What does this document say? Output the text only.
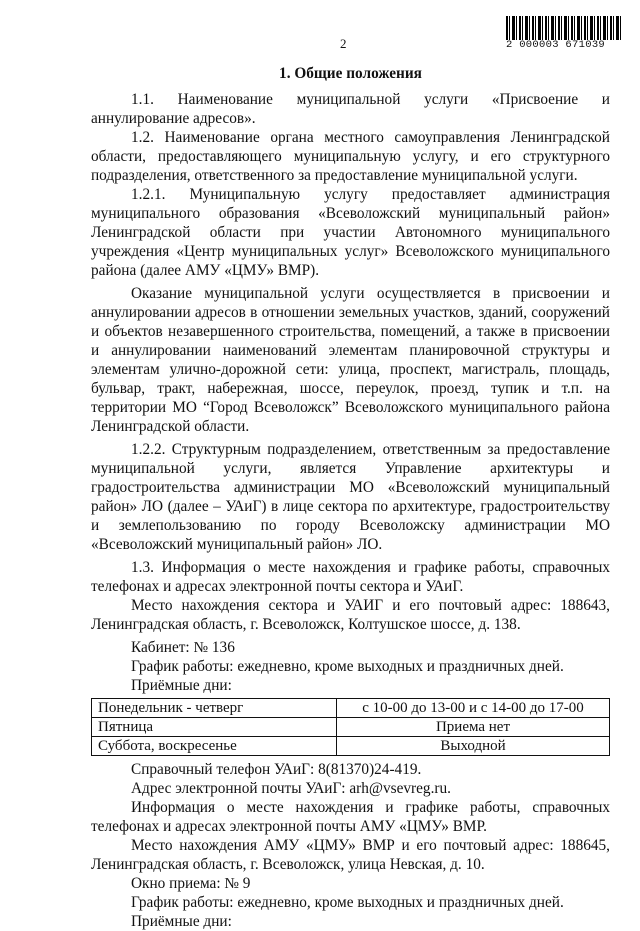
2	2 000003 671039
1. Общие положения

1.1. Наименование муниципальной услуги «Присвоение и аннулирование адресов».

1.2. Наименование органа местного самоуправления Ленинградской области, предоставляющего муниципальную услугу, и его структурного подразделения, ответственного за предоставление муниципальной услуги.

1.2.1. Муниципальную услугу предоставляет администрация муниципального образования «Всеволожский муниципальный район» Ленинградской области при участии Автономного муниципального учреждения «Центр муниципальных услуг» Всеволожского муниципального района (далее АМУ «ЦМУ» ВМР).

Оказание муниципальной услуги осуществляется в присвоении и аннулировании адресов в отношении земельных участков, зданий, сооружений и объектов незавершенного строительства, помещений, а также в присвоении и аннулировании наименований элементам планировочной структуры и элементам улично-дорожной сети: улица, проспект, магистраль, площадь, бульвар, тракт, набережная, шоссе, переулок, проезд, тупик и т.п. на территории МО “Город Всеволожск” Всеволожского муниципального района Ленинградской области.

1.2.2. Структурным подразделением, ответственным за предоставление муниципальной услуги, является Управление архитектуры и градостроительства администрации МО «Всеволожский муниципальный район» ЛО (далее – УАиГ) в лице сектора по архитектуре, градостроительству и землепользованию по городу Всеволожску администрации МО «Всеволожский муниципальный район» ЛО.

1.3. Информация о месте нахождения и графике работы, справочных телефонах и адресах электронной почты сектора и УАиГ.

Место нахождения сектора и УАИГ и его почтовый адрес: 188643, Ленинградская область, г. Всеволожск, Колтушское шоссе, д. 138.

Кабинет: № 136

График работы: ежедневно, кроме выходных и праздничных дней.

Приёмные дни:

Понедельник - четверг	с 10-00 до 13-00 и с 14-00 до 17-00
Пятница	Приема нет
Суббота, воскресенье	Выходной

Справочный телефон УАиГ: 8(81370)24-419.

Адрес электронной почты УАиГ: arh@vsevreg.ru.

Информация о месте нахождения и графике работы, справочных телефонах и адресах электронной почты АМУ «ЦМУ» ВМР.

Место нахождения АМУ «ЦМУ» ВМР и его почтовый адрес: 188645, Ленинградская область, г. Всеволожск, улица Невская, д. 10.

Окно приема: № 9

График работы: ежедневно, кроме выходных и праздничных дней.

Приёмные дни:
